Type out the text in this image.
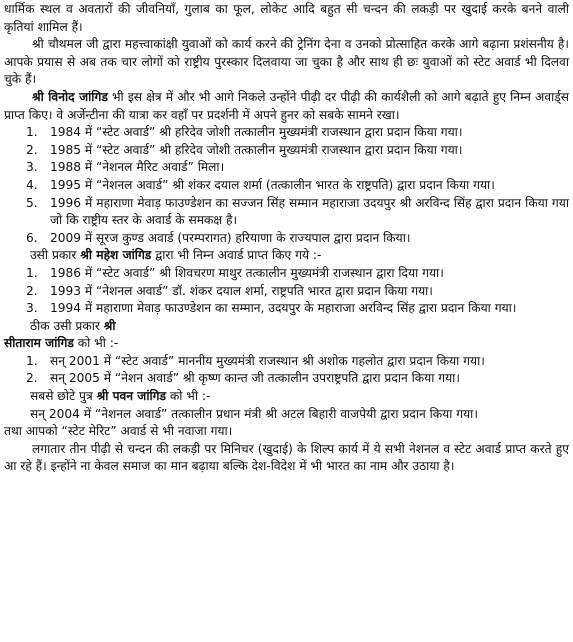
धार्मिक स्थल व अवतारों की जीवनियाँ, गुलाब का फूल, लोकेट आदि बहुत सी चन्दन की लकड़ी पर खुदाई करके बनने वाली कृतियां शामिल हैं।

श्री चौथमल जी द्वारा महत्त्वाकांक्षी युवाओं को कार्य करने की ट्रेनिंग देना व उनको प्रोत्साहित करके आगे बढ़ाना प्रशंसनीय है। आपके प्रयास से अब तक चार लोगों को राष्ट्रीय पुरस्कार दिलवाया जा चुका है और साथ ही छः युवाओं को स्टेट अवार्ड भी दिलवा चुके हैं।

श्री विनोद जांगिड भी इस क्षेत्र में और भी आगे निकले उन्होंने पीढ़ी दर पीढ़ी की कार्यशैली को आगे बढ़ाते हुए निम्न अवार्ड्स प्राप्त किए। वे अर्जेन्टीना की यात्रा कर वहाँ पर प्रदर्शनी में अपने हुनर को सबके सामने रखा।

1.	1984 में “स्टेट अवार्ड” श्री हरिदेव जोशी तत्कालीन मुख्यमंत्री राजस्थान द्वारा प्रदान किया गया।
2.	1985 में “स्टेट अवार्ड” श्री हरिदेव जोशी तत्कालीन मुख्यमंत्री राजस्थान द्वारा प्रदान किया गया।
3.	1988 में “नेशनल मैरिट अवार्ड” मिला।
4.	1995 में “नेशनल अवार्ड” श्री शंकर दयाल शर्मा (तत्कालीन भारत के राष्ट्रपति) द्वारा प्रदान किया गया।
5.	1996 में महाराणा मेवाड़ फाउण्डेशन का सज्जन सिंह सम्मान महाराजा उदयपुर श्री अरविन्द सिंह द्वारा प्रदान किया गया जो कि राष्ट्रीय स्तर के अवार्ड के समकक्ष है।
6.	2009 में सूरज कुण्ड अवार्ड (परम्परागत) हरियाणा के राज्यपाल द्वारा प्रदान किया।

उसी प्रकार श्री महेश जांगिड द्वारा भी निम्न अवार्ड प्राप्त किए गये :-

1.	1986 में “स्टेट अवार्ड” श्री शिवचरण माथुर तत्कालीन मुख्यमंत्री राजस्थान द्वारा दिया गया।
2.	1993 में “नेशनल अवार्ड” डॉ. शंकर दयाल शर्मा, राष्ट्रपति भारत द्वारा प्रदान किया गया।
3.	1994 में महाराणा मेवाड़ फाउण्डेशन का सम्मान, उदयपुर के महाराजा अरविन्द सिंह द्वारा प्रदान किया गया।

ठीक उसी प्रकार श्री

सीताराम जांगिड को भी :-

1.	सन् 2001 में “स्टेट अवार्ड” माननीय मुख्यमंत्री राजस्थान श्री अशोक गहलोत द्वारा प्रदान किया गया।
2.	सन् 2005 में “नेशन अवार्ड” श्री कृष्ण कान्त जी तत्कालीन उपराष्ट्रपति द्वारा प्रदान किया गया।

सबसे छोटे पुत्र श्री पवन जांगिड को भी :-

सन् 2004 में “नेशनल अवार्ड” तत्कालीन प्रधान मंत्री श्री अटल बिहारी वाजपेयी द्वारा प्रदान किया गया।

तथा आपको “स्टेट मेरिट” अवार्ड से भी नवाजा गया।

लगातार तीन पीढ़ी से चन्दन की लकड़ी पर मिनिचर (खुदाई) के शिल्प कार्य में ये सभी नेशनल व स्टेट अवार्ड प्राप्त करते हुए आ रहे हैं। इन्होंने ना केवल समाज का मान बढ़ाया बल्कि देश-विदेश में भी भारत का नाम और उठाया है।
